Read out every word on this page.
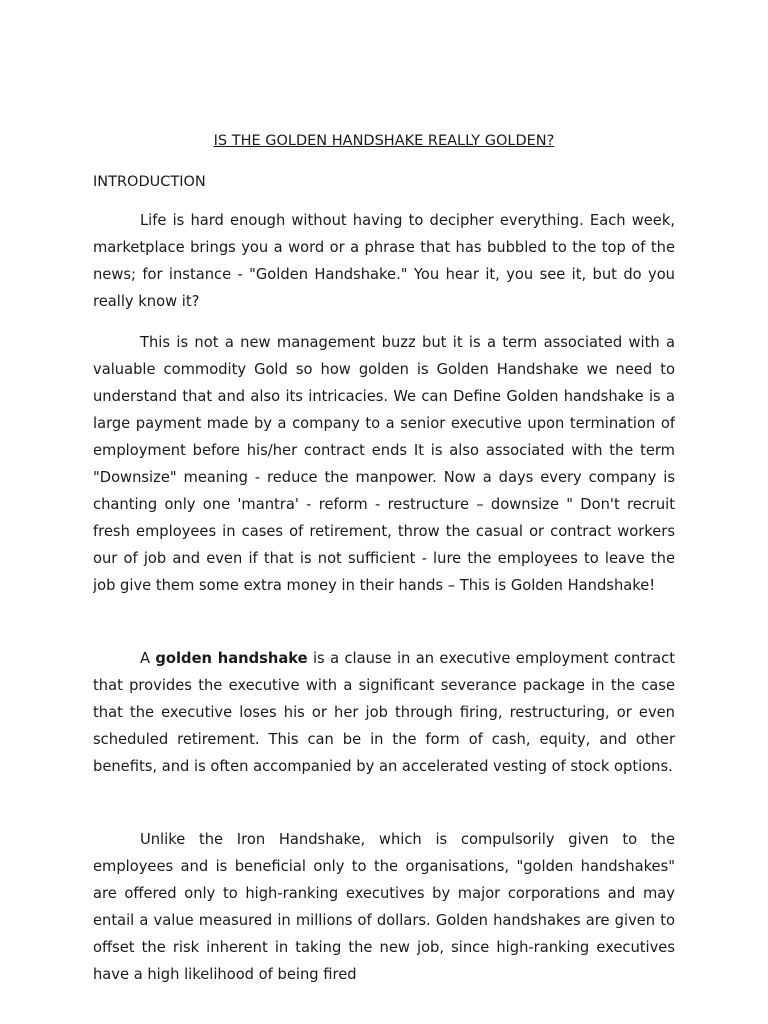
IS THE GOLDEN HANDSHAKE REALLY GOLDEN?
INTRODUCTION

Life is hard enough without having to decipher everything. Each week, marketplace brings you a word or a phrase that has bubbled to the top of the news; for instance - "Golden Handshake." You hear it, you see it, but do you really know it?

This is not a new management buzz but it is a term associated with a valuable commodity Gold so how golden is Golden Handshake we need to understand that and also its intricacies. We can Define Golden handshake is a large payment made by a company to a senior executive upon termination of employment before his/her contract ends It is also associated with the term "Downsize" meaning - reduce the manpower. Now a days every company is chanting only one 'mantra' - reform - restructure – downsize " Don't recruit fresh employees in cases of retirement, throw the casual or contract workers our of job and even if that is not sufficient - lure the employees to leave the job give them some extra money in their hands – This is Golden Handshake!

A golden handshake is a clause in an executive employment contract that provides the executive with a significant severance package in the case that the executive loses his or her job through firing, restructuring, or even scheduled retirement. This can be in the form of cash, equity, and other benefits, and is often accompanied by an accelerated vesting of stock options.

Unlike the Iron Handshake, which is compulsorily given to the employees and is beneficial only to the organisations, "golden handshakes" are offered only to high-ranking executives by major corporations and may entail a value measured in millions of dollars. Golden handshakes are given to offset the risk inherent in taking the new job, since high-ranking executives have a high likelihood of being fired
